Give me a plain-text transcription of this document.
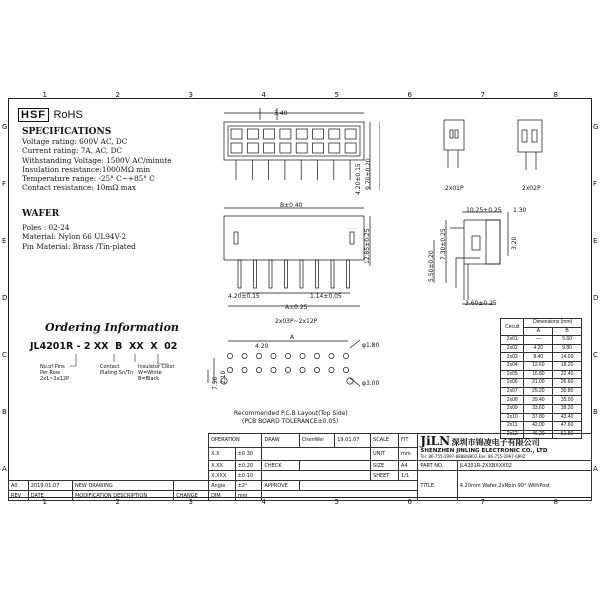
1	2	3	4	5	6	7	8
1	2	3	4	5	6	7	8
G
F
E
D
C
B
A
G
F
E
D
C
B
A
HSF RoHS
SPECIFICATIONS
Voltage rating: 600V AC, DC
Current rating: 7A, AC, DC
Withstanding Voltage: 1500V AC/minute
Insulation resistance:1000MΩ min
Temperature range: -25° C~+85° C
Contact resistance: 10mΩ max
WAFER
Poles : 02-24
Material: Nylon 66 UL94V-2
Pin Material: Brass /Tin-plated
Ordering Information
JL4201R - 2 XX  B  XX  X  02
No.of Pins Per Row 2x1~2x12P
Contact Plating Sn/Tn
Insulator Color W=White B=Black
3.40
9.70±0.20
4.20±0.15
B±0.40
12.85±0.25
4.20±0.15	1.14±0.05
A±0.25
2x03P~2x12P
2x01P	2x02P
10.25±0.25 1.30
7.30±0.25
5.50±0.20
3.20
3.60±0.25
4.20
A
7.50 2.10
φ1.80
φ3.00
Recommended P.C.B Layout(Top Side)
(PCB BOARD TOLERANCE±0.05)
Circuit	Dimensions (mm)	
	A	B
2x01	—	5.60
2x02	4.20	9.80
2x03	8.40	14.00
2x04	12.60	18.20
2x05	16.80	22.40
2x06	21.00	26.60
2x07	25.20	30.80
2x08	29.40	35.00
2x09	33.60	39.20
2x10	37.80	43.40
2x11	42.00	47.60
2x12	46.20	51.80
				OPERATION		DRAW	ChenWei	19.01.07	SCALE	FIT	JiLN 深圳市锦凌电子有限公司
SHENZHEN JINLING ELECTRONIC CO., LTD
Tel: 86-755-2997-8888/8802 Fax: 86-755-2997-6992	
				X.X	±0.30				UNIT	mm		
				X.XX	±0.20	CHECK			SIZE	A4	PART NO.	JL4201R-2XXBXXX02
				X.XXX	±0.10				SHEET	1/1	TITLE:	4.20mm Wafer 2xNpin 90° WithPost
A0	2019.01.07	NEW DRAWING		Angle	±2°	APPROVE						
REV	DATE	MODIFICATION DESCRIPTION	CHANGE	DIM	mm							
